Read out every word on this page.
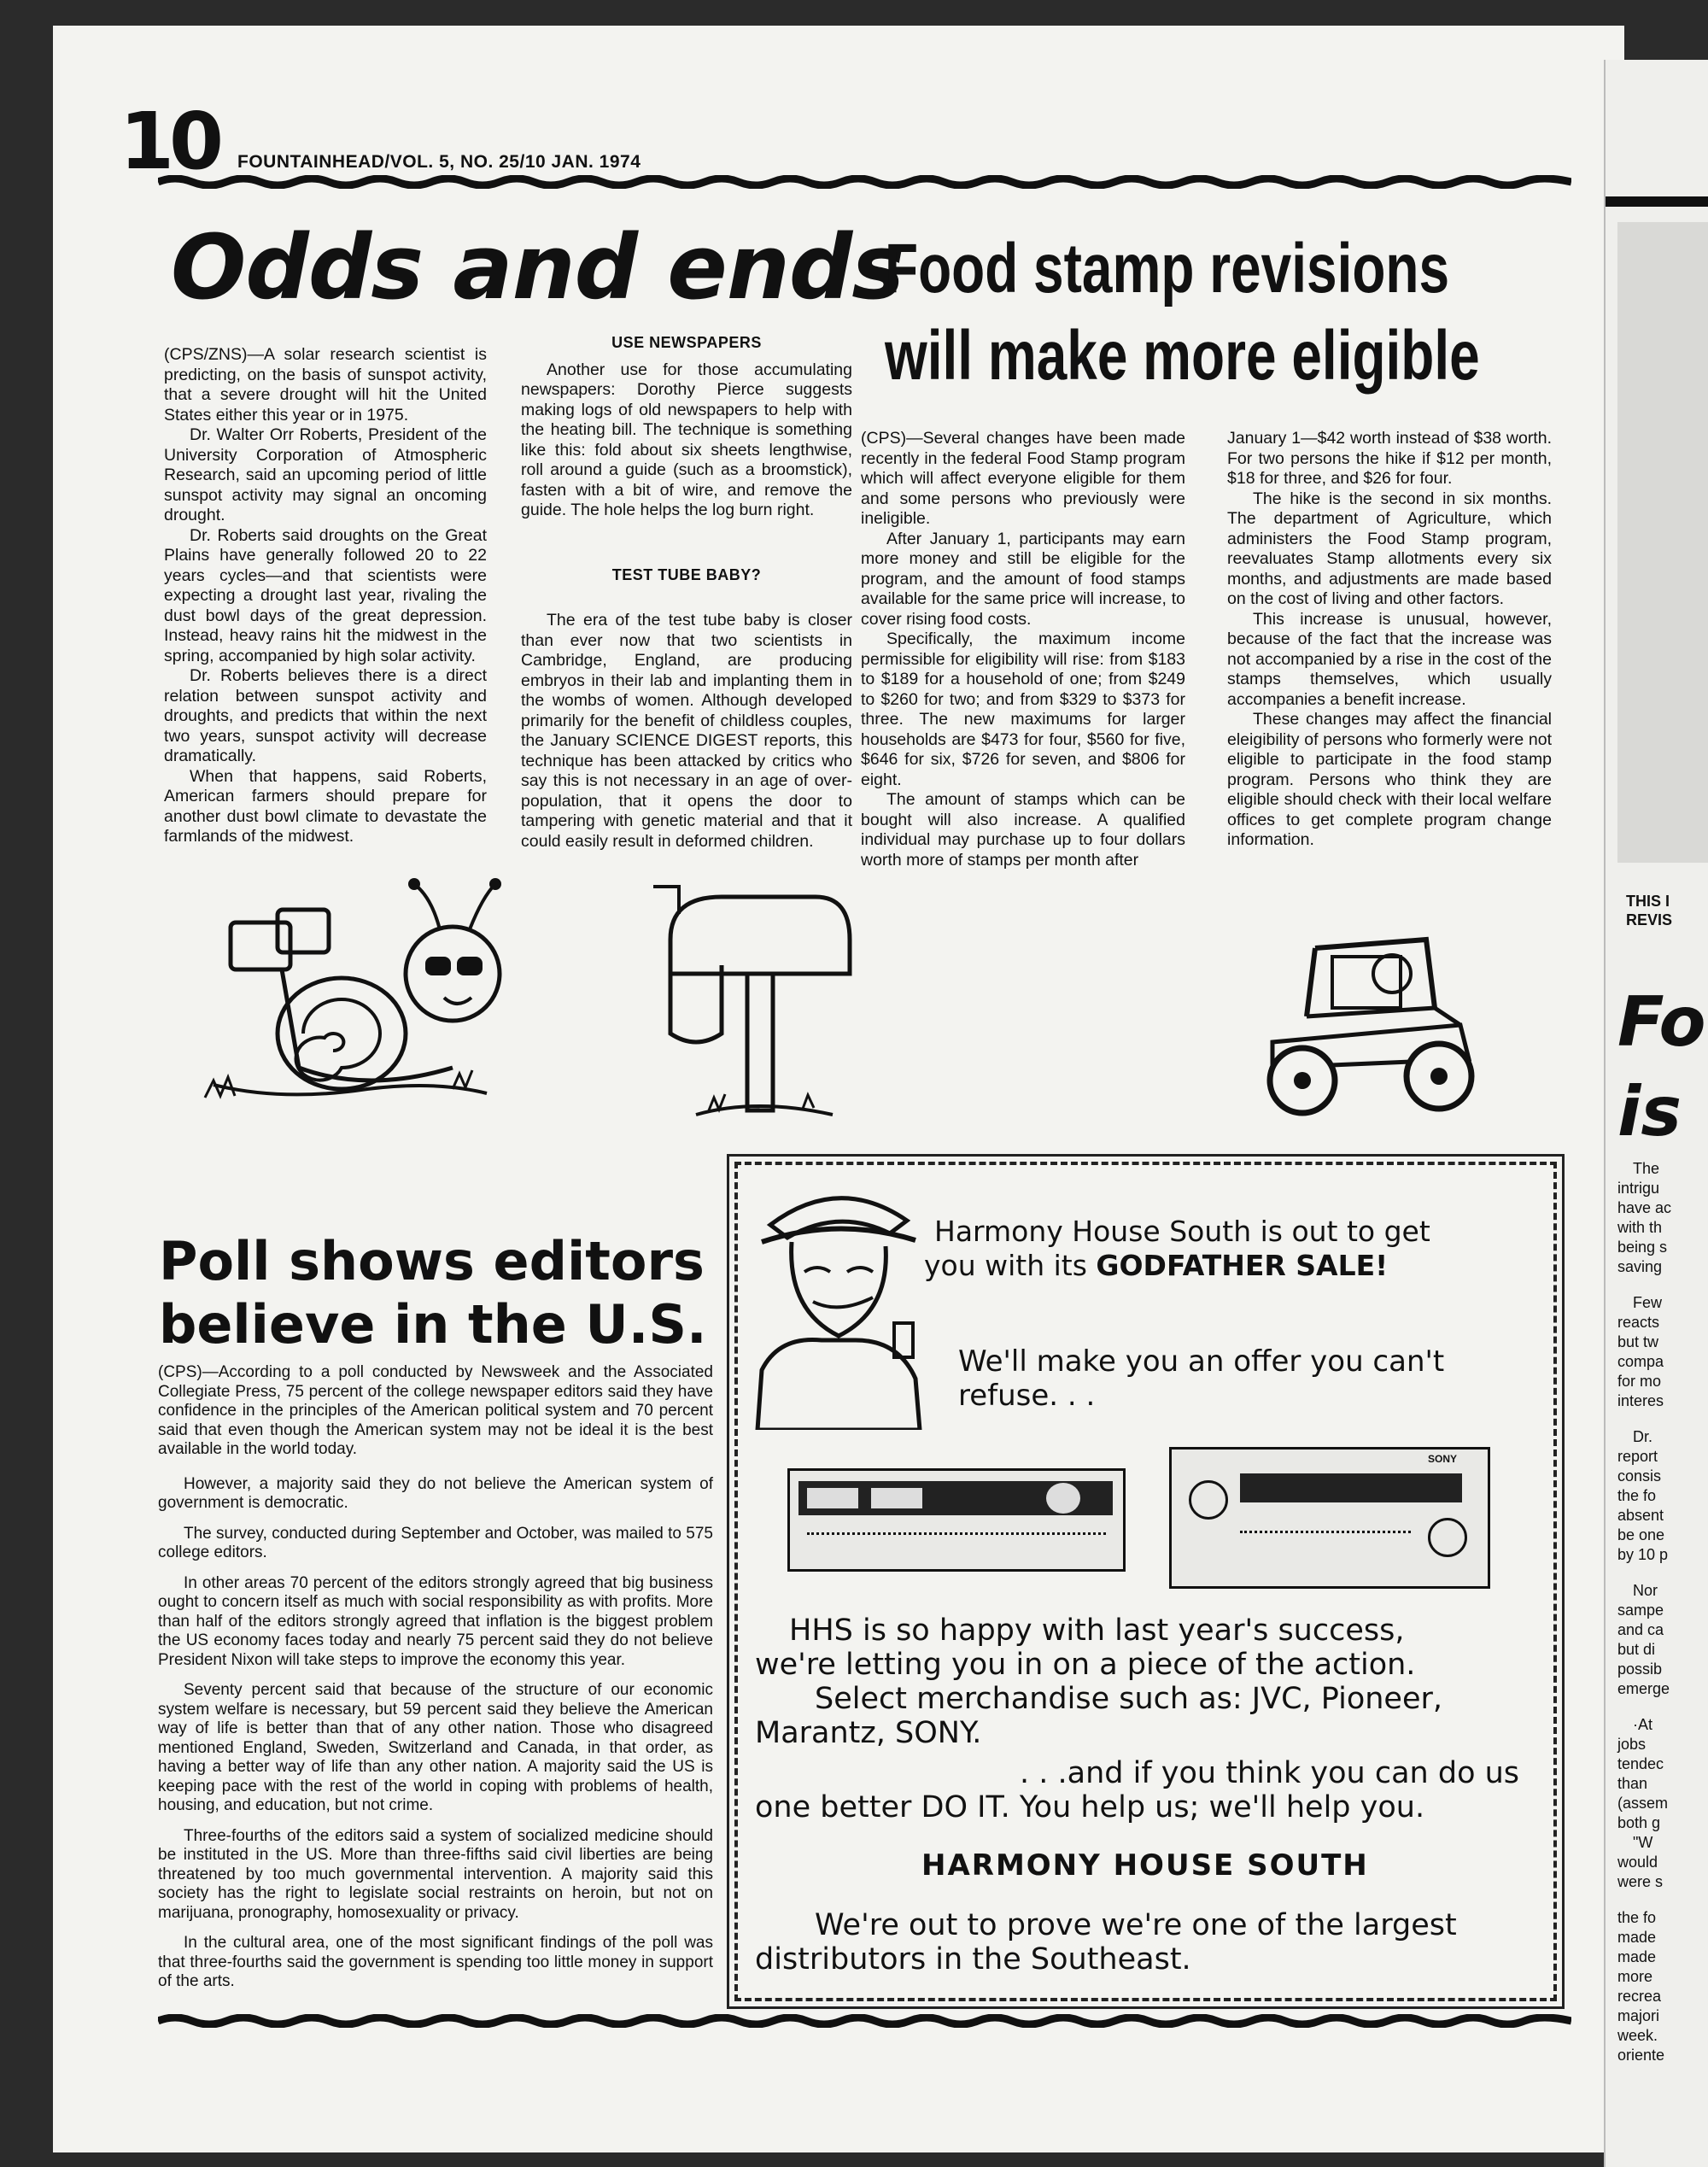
10 FOUNTAINHEAD/VOL. 5, NO. 25/10 JAN. 1974
Odds and ends

(CPS/ZNS)—A solar research scientist is predicting, on the basis of sunspot activity, that a severe drought will hit the United States either this year or in 1975.

Dr. Walter Orr Roberts, President of the University Corporation of Atmospheric Research, said an upcoming period of little sunspot activity may signal an oncoming drought.

Dr. Roberts said droughts on the Great Plains have generally followed 20 to 22 years cycles—and that scientists were expecting a drought last year, rivaling the dust bowl days of the great depression. Instead, heavy rains hit the midwest in the spring, accompanied by high solar activity.

Dr. Roberts believes there is a direct relation between sunspot activity and droughts, and predicts that within the next two years, sunspot activity will decrease dramatically.

When that happens, said Roberts, American farmers should prepare for another dust bowl climate to devastate the farmlands of the midwest.

USE NEWSPAPERS

Another use for those accumulating newspapers: Dorothy Pierce suggests making logs of old newspapers to help with the heating bill. The technique is something like this: fold about six sheets lengthwise, roll around a guide (such as a broomstick), fasten with a bit of wire, and remove the guide. The hole helps the log burn right.

TEST TUBE BABY?

The era of the test tube baby is closer than ever now that two scientists in Cambridge, England, are producing embryos in their lab and implanting them in the wombs of women. Although developed primarily for the benefit of childless couples, the January SCIENCE DIGEST reports, this technique has been attacked by critics who say this is not necessary in an age of over-population, that it opens the door to tampering with genetic material and that it could easily result in deformed children.

Food stamp revisions
will make more eligible

(CPS)—Several changes have been made recently in the federal Food Stamp program which will affect everyone eligible for them and some persons who previously were ineligible.

After January 1, participants may earn more money and still be eligible for the program, and the amount of food stamps available for the same price will increase, to cover rising food costs.

Specifically, the maximum income permissible for eligibility will rise: from $183 to $189 for a household of one; from $249 to $260 for two; and from $329 to $373 for three. The new maximums for larger households are $473 for four, $560 for five, $646 for six, $726 for seven, and $806 for eight.

The amount of stamps which can be bought will also increase. A qualified individual may purchase up to four dollars worth more of stamps per month after

January 1—$42 worth instead of $38 worth. For two persons the hike if $12 per month, $18 for three, and $26 for four.

The hike is the second in six months. The department of Agriculture, which administers the Food Stamp program, reevaluates Stamp allotments every six months, and adjustments are made based on the cost of living and other factors.

This increase is unusual, however, because of the fact that the increase was not accompanied by a rise in the cost of the stamps themselves, which usually accompanies a benefit increase.

These changes may affect the financial eleigibility of persons who formerly were not eligible to participate in the food stamp program. Persons who think they are eligible should check with their local welfare offices to get complete program change information.

Poll shows editors
believe in the U.S.

(CPS)—According to a poll conducted by Newsweek and the Associated Collegiate Press, 75 percent of the college newspaper editors said they have confidence in the principles of the American political system and 70 percent said that even though the American system may not be ideal it is the best available in the world today.

However, a majority said they do not believe the American system of government is democratic.

The survey, conducted during September and October, was mailed to 575 college editors.

In other areas 70 percent of the editors strongly agreed that big business ought to concern itself as much with social responsibility as with profits. More than half of the editors strongly agreed that inflation is the biggest problem the US economy faces today and nearly 75 percent said they do not believe President Nixon will take steps to improve the economy this year.

Seventy percent said that because of the structure of our economic system welfare is necessary, but 59 percent said they believe the American way of life is better than that of any other nation. Those who disagreed mentioned England, Sweden, Switzerland and Canada, in that order, as having a better way of life than any other nation. A majority said the US is keeping pace with the rest of the world in coping with problems of health, housing, and education, but not crime.

Three-fourths of the editors said a system of socialized medicine should be instituted in the US. More than three-fifths said civil liberties are being threatened by too much governmental intervention. A majority said this society has the right to legislate social restraints on heroin, but not on marijuana, pronography, homosexuality or privacy.

In the cultural area, one of the most significant findings of the poll was that three-fourths said the government is spending too little money in support of the arts.

Harmony House South is out to get
you with its GODFATHER SALE!
We'll make you an offer you can't
refuse. . .
SONY
HHS is so happy with last year's success,
we're letting you in on a piece of the action.
Select merchandise such as: JVC, Pioneer,
Marantz, SONY.
. . .and if you think you can do us
one better DO IT. You help us; we'll help you.
HARMONY HOUSE SOUTH
We're out to prove we're one of the largest
distributors in the Southeast.
THIS I
REVIS
Fo
is
The
intrigu
have ac
with th
being s
saving
Few
reacts
but tw
compa
for mo
interes
Dr.
report
consis
the fo
absent
be one
by 10 p
Nor
sampe
and ca
but di
possib
emerge
·At
jobs
tendec
than
(assem
both g
"W
would
were s
the fo
made
made
more
recrea
majori
week.
oriente
